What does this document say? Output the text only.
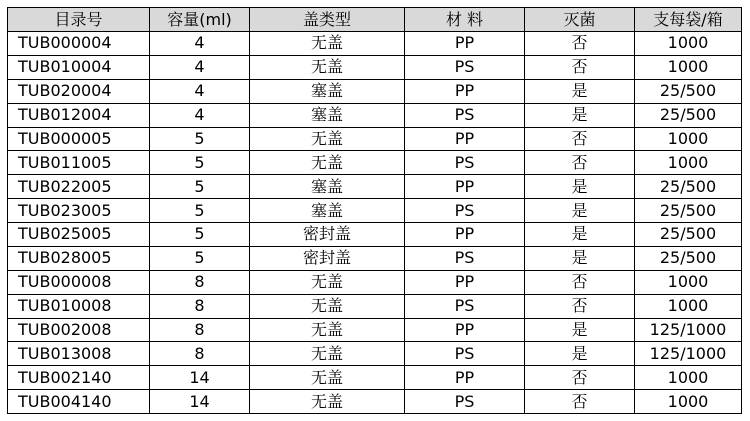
目录号	容量(ml)	盖类型	材 料	灭菌	支每袋/箱
TUB000004	4	无盖	PP	否	1000
TUB010004	4	无盖	PS	否	1000
TUB020004	4	塞盖	PP	是	25/500
TUB012004	4	塞盖	PS	是	25/500
TUB000005	5	无盖	PP	否	1000
TUB011005	5	无盖	PS	否	1000
TUB022005	5	塞盖	PP	是	25/500
TUB023005	5	塞盖	PS	是	25/500
TUB025005	5	密封盖	PP	是	25/500
TUB028005	5	密封盖	PS	是	25/500
TUB000008	8	无盖	PP	否	1000
TUB010008	8	无盖	PS	否	1000
TUB002008	8	无盖	PP	是	125/1000
TUB013008	8	无盖	PS	是	125/1000
TUB002140	14	无盖	PP	否	1000
TUB004140	14	无盖	PS	否	1000
